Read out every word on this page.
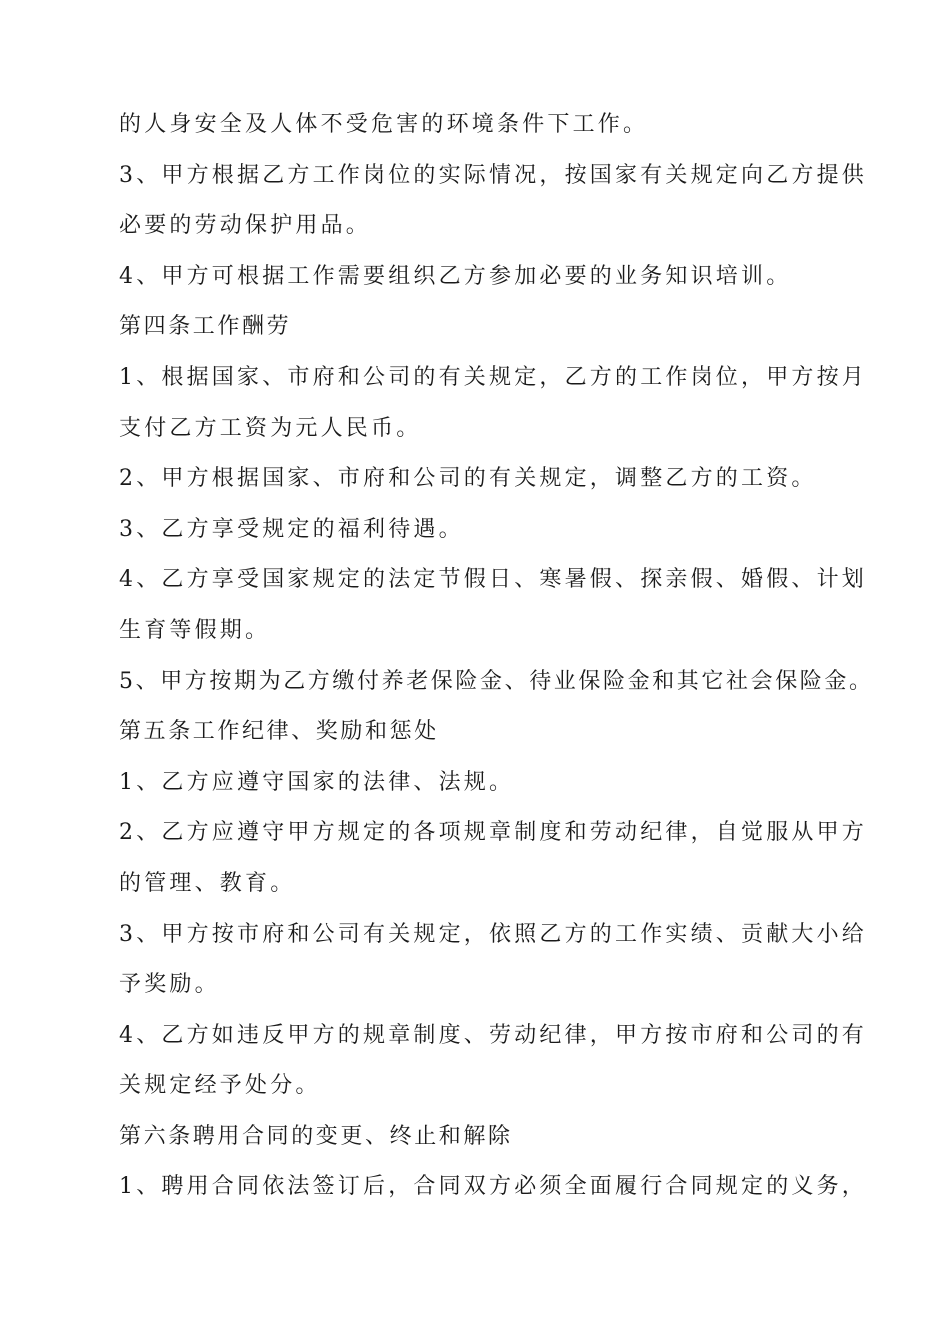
的人身安全及人体不受危害的环境条件下工作。

3、甲方根据乙方工作岗位的实际情况，按国家有关规定向乙方提供

必要的劳动保护用品。

4、甲方可根据工作需要组织乙方参加必要的业务知识培训。

第四条工作酬劳

1、根据国家、市府和公司的有关规定，乙方的工作岗位，甲方按月

支付乙方工资为元人民币。

2、甲方根据国家、市府和公司的有关规定，调整乙方的工资。

3、乙方享受规定的福利待遇。

4、乙方享受国家规定的法定节假日、寒暑假、探亲假、婚假、计划

生育等假期。

5、甲方按期为乙方缴付养老保险金、待业保险金和其它社会保险金。

第五条工作纪律、奖励和惩处

1、乙方应遵守国家的法律、法规。

2、乙方应遵守甲方规定的各项规章制度和劳动纪律，自觉服从甲方

的管理、教育。

3、甲方按市府和公司有关规定，依照乙方的工作实绩、贡献大小给

予奖励。

4、乙方如违反甲方的规章制度、劳动纪律，甲方按市府和公司的有

关规定经予处分。

第六条聘用合同的变更、终止和解除

1、聘用合同依法签订后，合同双方必须全面履行合同规定的义务，
